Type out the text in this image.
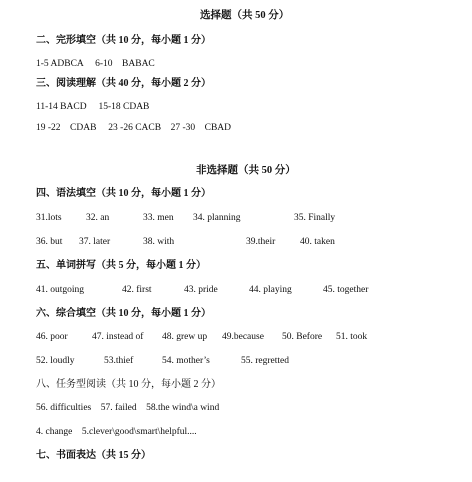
选择题（共 50 分）
二、完形填空（共 10 分，每小题 1 分）
1-5 ADBCA     6-10    BABAC
三、阅读理解（共 40 分，每小题 2 分）
11-14 BACD     15-18 CDAB
19 -22    CDAB     23 -26 CACB    27 -30    CBAD
非选择题（共 50 分）
四、语法填空（共 10 分，每小题 1 分）
31.lots	32. an	33. men 34. planning	35. Finally
36. but 37. later	38. with	39.their	40. taken
五、单词拼写（共 5 分，每小题 1 分）
41. outgoing	42. first	43. pride	44. playing	45. together
六、综合填空（共 10 分，每小题 1 分）
46. poor	47. instead of 48. grew up 49.because 50. Before 51. took
52. loudly	53.thief	54. mother’s	55. regretted
八、任务型阅读（共 10 分，每小题 2 分）
56. difficulties    57. failed    58.the wind\a wind
4. change    5.clever\good\smart\helpful....
七、书面表达（共 15 分）
